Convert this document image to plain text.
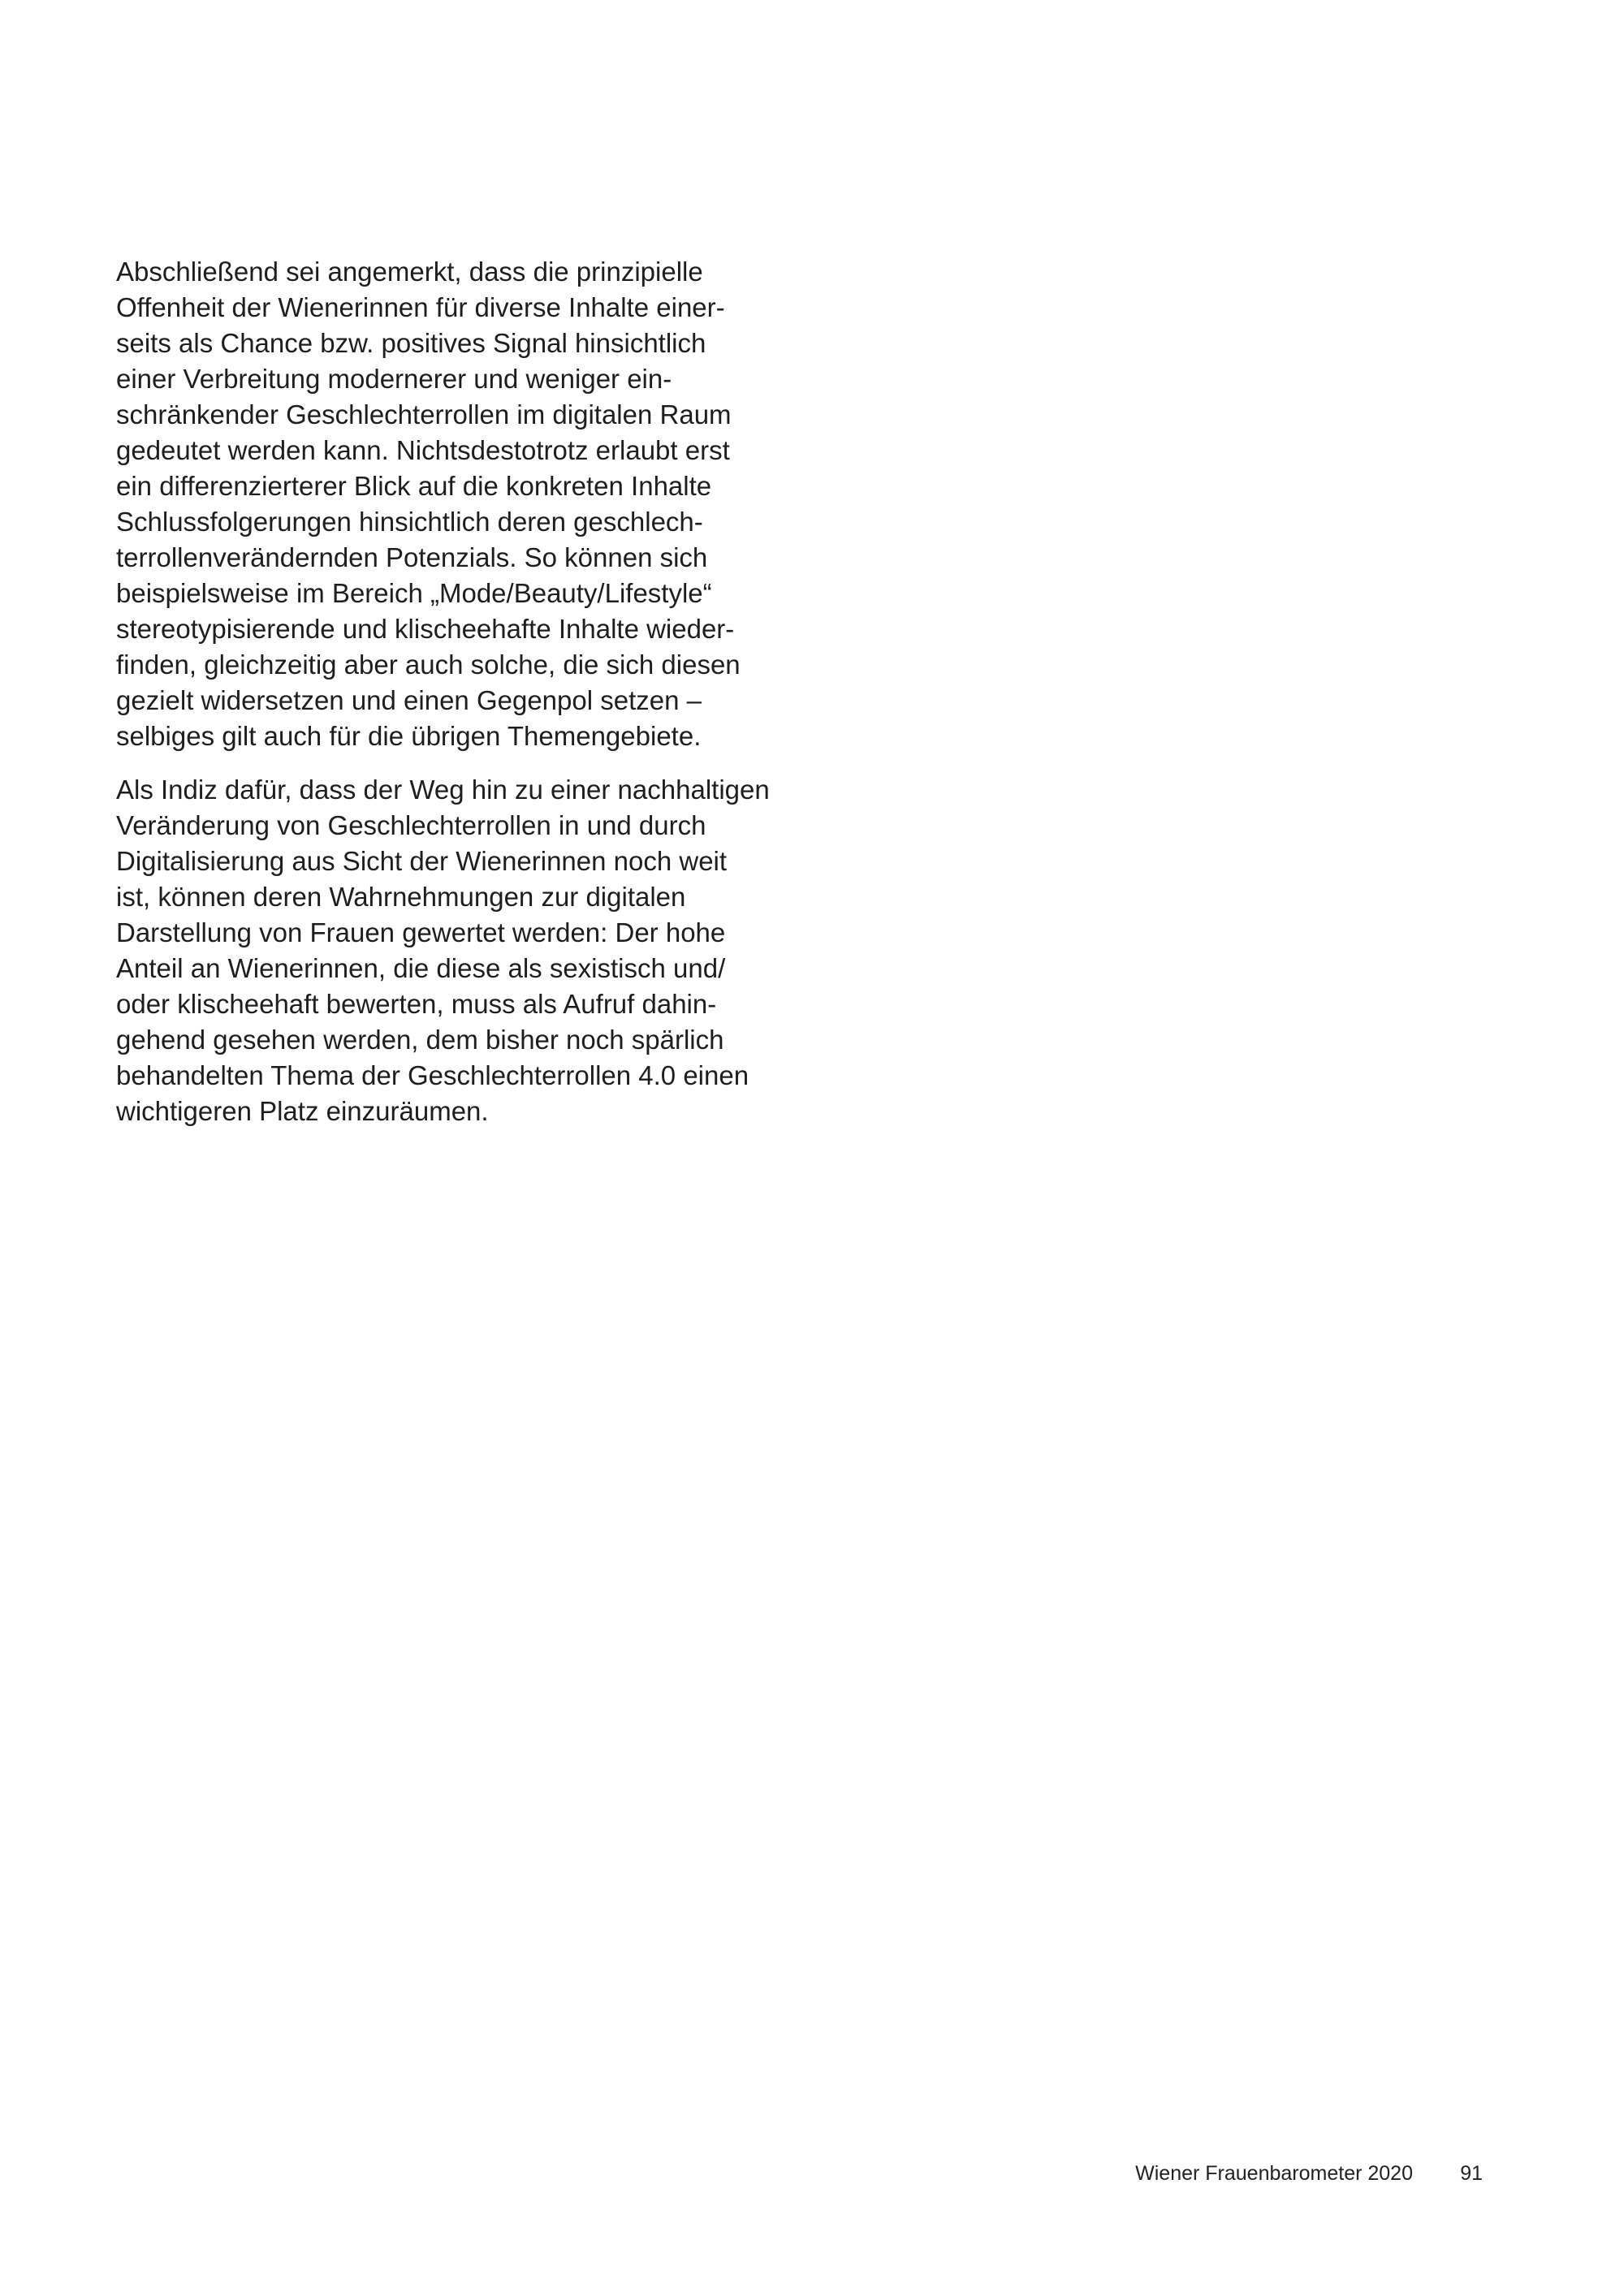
Abschließend sei angemerkt, dass die prinzipielle
Offenheit der Wienerinnen für diverse Inhalte einer-
seits als Chance bzw. positives Signal hinsichtlich
einer Verbreitung modernerer und weniger ein-
schränkender Geschlechterrollen im digitalen Raum
gedeutet werden kann. Nichtsdestotrotz erlaubt erst
ein differenzierterer Blick auf die konkreten Inhalte
Schlussfolgerungen hinsichtlich deren geschlech-
terrollenverändernden Potenzials. So können sich
beispielsweise im Bereich „Mode/Beauty/Lifestyle“
stereotypisierende und klischeehafte Inhalte wieder-
finden, gleichzeitig aber auch solche, die sich diesen
gezielt widersetzen und einen Gegenpol setzen –
selbiges gilt auch für die übrigen Themengebiete.

Als Indiz dafür, dass der Weg hin zu einer nachhaltigen
Veränderung von Geschlechterrollen in und durch
Digitalisierung aus Sicht der Wienerinnen noch weit
ist, können deren Wahrnehmungen zur digitalen
Darstellung von Frauen gewertet werden: Der hohe
Anteil an Wienerinnen, die diese als sexistisch und/
oder klischeehaft bewerten, muss als Aufruf dahin-
gehend gesehen werden, dem bisher noch spärlich
behandelten Thema der Geschlechterrollen 4.0 einen
wichtigeren Platz einzuräumen.

Wiener Frauenbarometer 2020 91
